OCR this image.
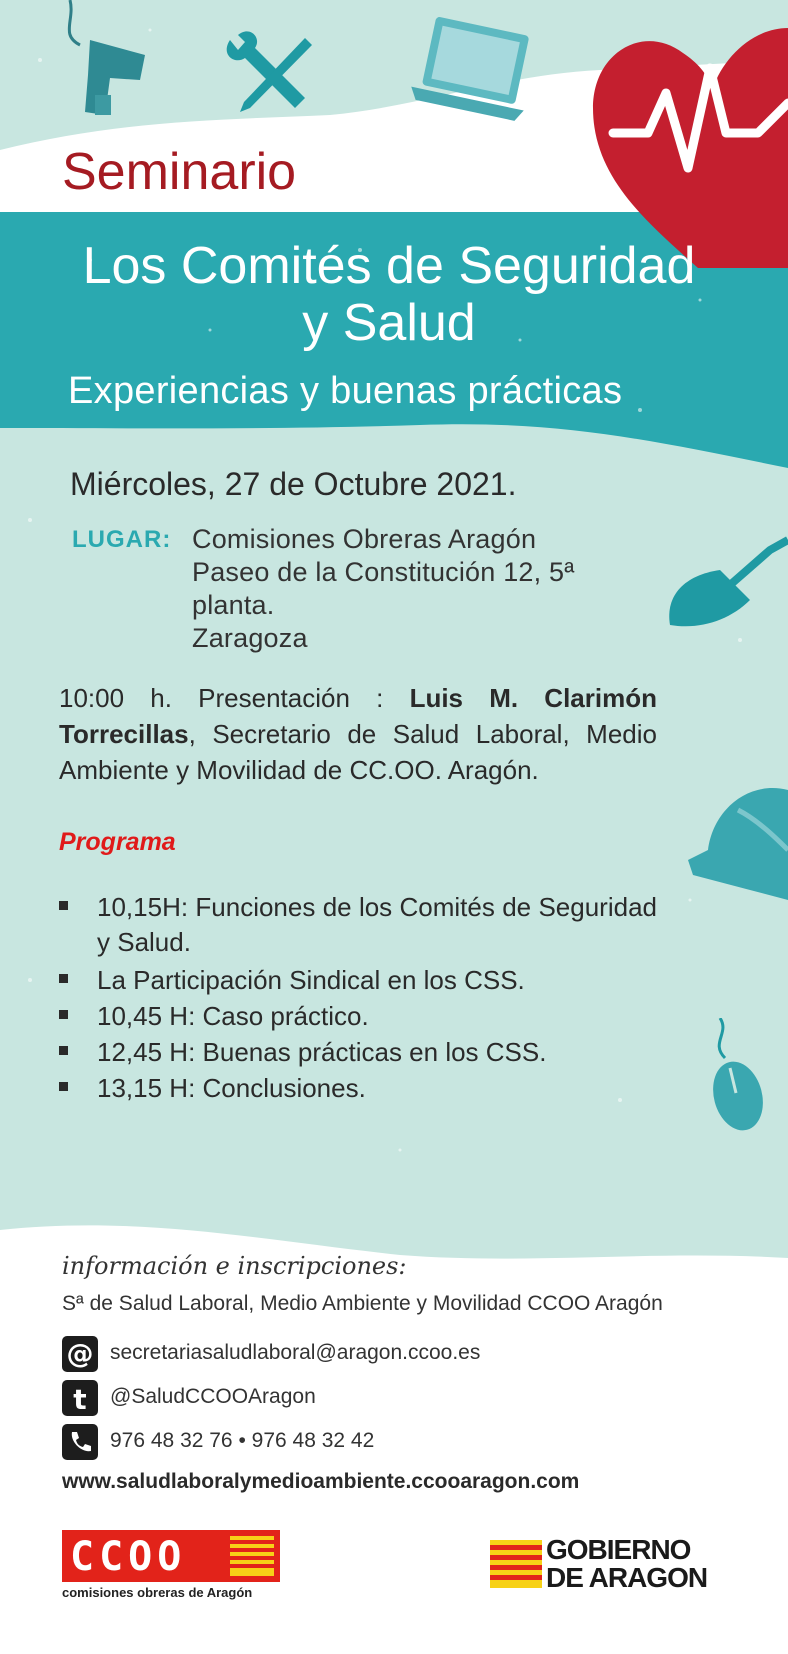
Seminario

Los Comités de Seguridad

y Salud

Experiencias y buenas prácticas

Miércoles, 27 de Octubre 2021.

LUGAR: Comisiones Obreras Aragón

Paseo de la Constitución 12, 5ª

planta.

Zaragoza

10:00 h. Presentación : Luis M. Clarimón Torrecillas, Secretario de Salud Laboral, Medio Ambiente y Movilidad de CC.OO. Aragón.

Programa

10,15H: Funciones de los Comités de Seguridad y Salud.
La Participación Sindical en los CSS.
10,45 H: Caso práctico.
12,45 H: Buenas prácticas en los CSS.
13,15 H: Conclusiones.

información e inscripciones:

Sª de Salud Laboral, Medio Ambiente y Movilidad CCOO Aragón

@ secretariasaludlaboral@aragon.ccoo.es
t @SaludCCOOAragon
976 48 32 76 • 976 48 32 42

www.saludlaboralymedioambiente.ccooaragon.com

CCOO
comisiones obreras de Aragón
GOBIERNO
DE ARAGON
